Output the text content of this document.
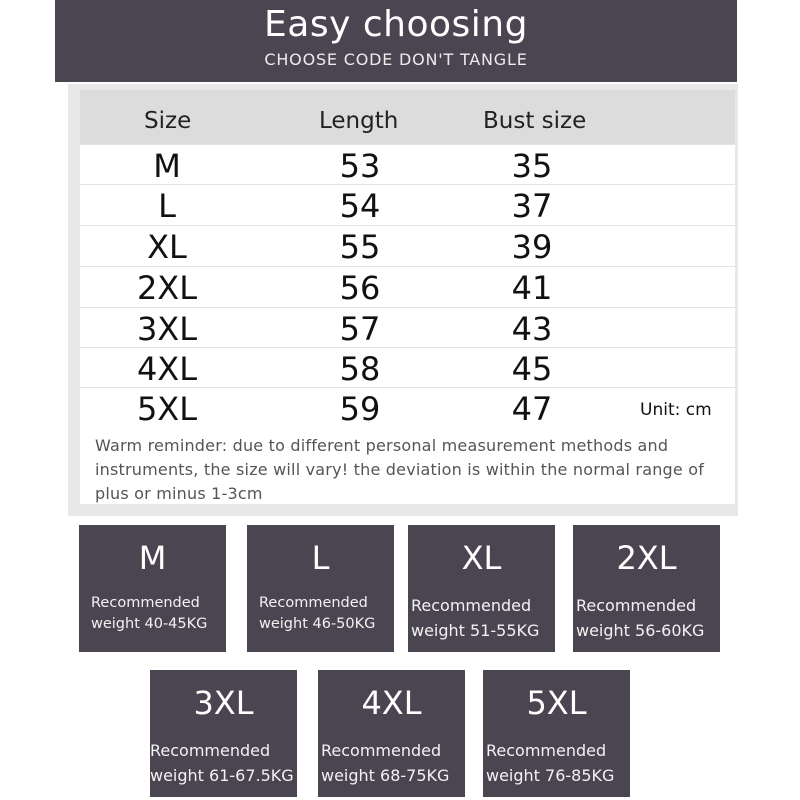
Easy choosing
CHOOSE CODE DON'T TANGLE
Size	Length	Bust size
M	53	35
L	54	37
XL	55	39
2XL	56	41
3XL	57	43
4XL	58	45
5XL	59	47	Unit: cm

Warm reminder: due to different personal measurement methods and instruments, the size will vary! the deviation is within the normal range of plus or minus 1-3cm

M
Recommended
weight 40-45KG
L
Recommended
weight 46-50KG
XL
Recommended
weight 51-55KG
2XL
Recommended
weight 56-60KG
3XL
Recommended
weight 61-67.5KG
4XL
Recommended
weight 68-75KG
5XL
Recommended
weight 76-85KG
